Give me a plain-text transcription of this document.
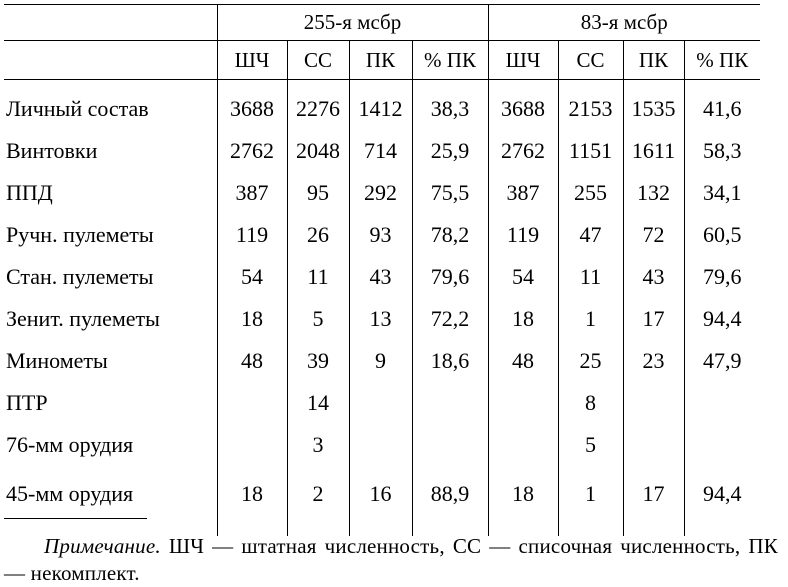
	255-я мсбр				83-я мсбр			
	ШЧ	СС	ПК	% ПК	ШЧ	СС	ПК	% ПК
Личный состав	3688	2276	1412	38,3	3688	2153	1535	41,6
Винтовки	2762	2048	714	25,9	2762	1151	1611	58,3
ППД	387	95	292	75,5	387	255	132	34,1
Ручн. пулеметы	119	26	93	78,2	119	47	72	60,5
Стан. пулеметы	54	11	43	79,6	54	11	43	79,6
Зенит. пулеметы	18	5	13	72,2	18	1	17	94,4
Минометы	48	39	9	18,6	48	25	23	47,9
ПТР		14				8		
76-мм орудия		3				5		
45-мм орудия	18	2	16	88,9	18	1	17	94,4

Примечание. ШЧ — штатная численность, СС — списочная численность, ПК — некомплект.
